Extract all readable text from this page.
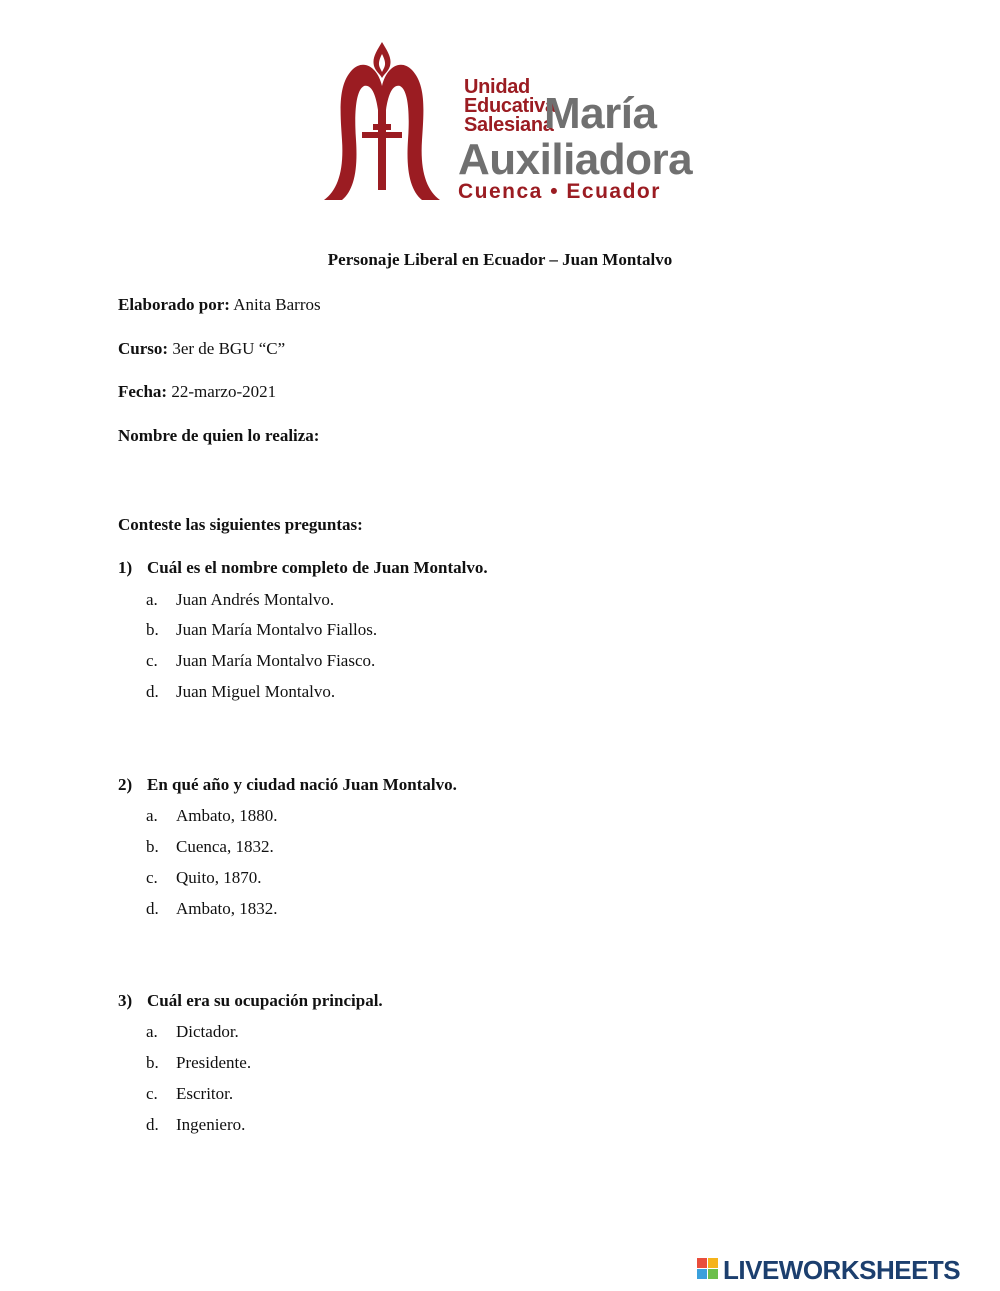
Unidad
Educativa
Salesiana
María
Auxiliadora
Cuenca • Ecuador
Personaje Liberal en Ecuador – Juan Montalvo
Elaborado por: Anita Barros
Curso: 3er de BGU “C”
Fecha: 22-marzo-2021
Nombre de quien lo realiza:
Conteste las siguientes preguntas:
1) Cuál es el nombre completo de Juan Montalvo.
a. Juan Andrés Montalvo.
b. Juan María Montalvo Fiallos.
c. Juan María Montalvo Fiasco.
d. Juan Miguel Montalvo.
2) En qué año y ciudad nació Juan Montalvo.
a. Ambato, 1880.
b. Cuenca, 1832.
c. Quito, 1870.
d. Ambato, 1832.
3) Cuál era su ocupación principal.
a. Dictador.
b. Presidente.
c. Escritor.
d. Ingeniero.
LIVEWORKSHEETS
